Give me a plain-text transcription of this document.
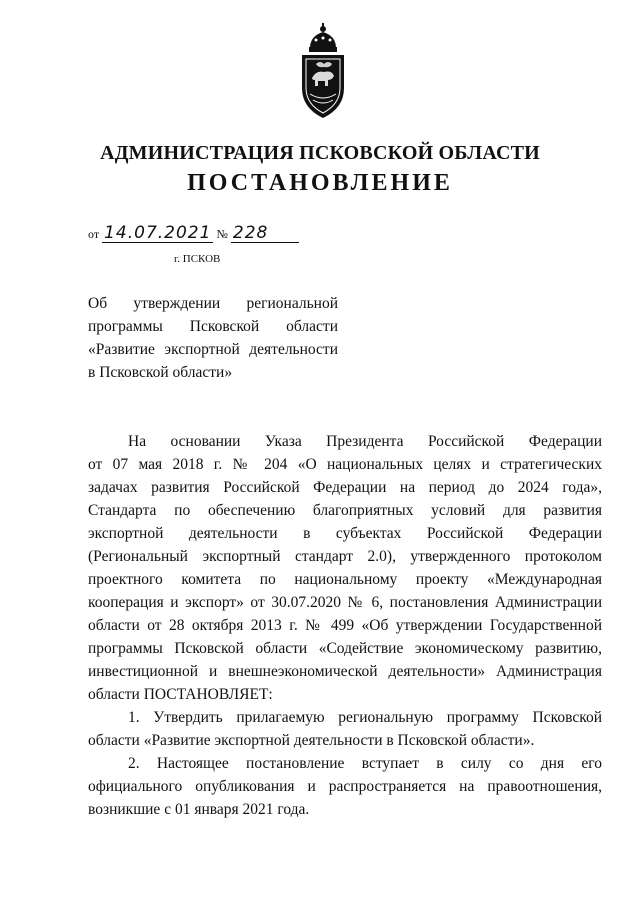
АДМИНИСТРАЦИЯ ПСКОВСКОЙ ОБЛАСТИ
ПОСТАНОВЛЕНИЕ
от 14.07.2021 № 228
г. ПСКОВ
Об утверждении региональной
программы Псковской области
«Развитие экспортной деятельности
в Псковской области»
На основании Указа Президента Российской Федерации
от 07 мая 2018 г. № 204 «О национальных целях и стратегических
задачах развития Российской Федерации на период до 2024 года»,
Стандарта по обеспечению благоприятных условий для развития
экспортной деятельности в субъектах Российской Федерации
(Региональный экспортный стандарт 2.0), утвержденного протоколом
проектного комитета по национальному проекту «Международная
кооперация и экспорт» от 30.07.2020 № 6, постановления Администрации
области от 28 октября 2013 г. № 499 «Об утверждении Государственной
программы Псковской области «Содействие экономическому развитию,
инвестиционной и внешнеэкономической деятельности» Администрация
области ПОСТАНОВЛЯЕТ:
1. Утвердить прилагаемую региональную программу Псковской
области «Развитие экспортной деятельности в Псковской области».
2. Настоящее постановление вступает в силу со дня его
официального опубликования и распространяется на правоотношения,
возникшие с 01 января 2021 года.
